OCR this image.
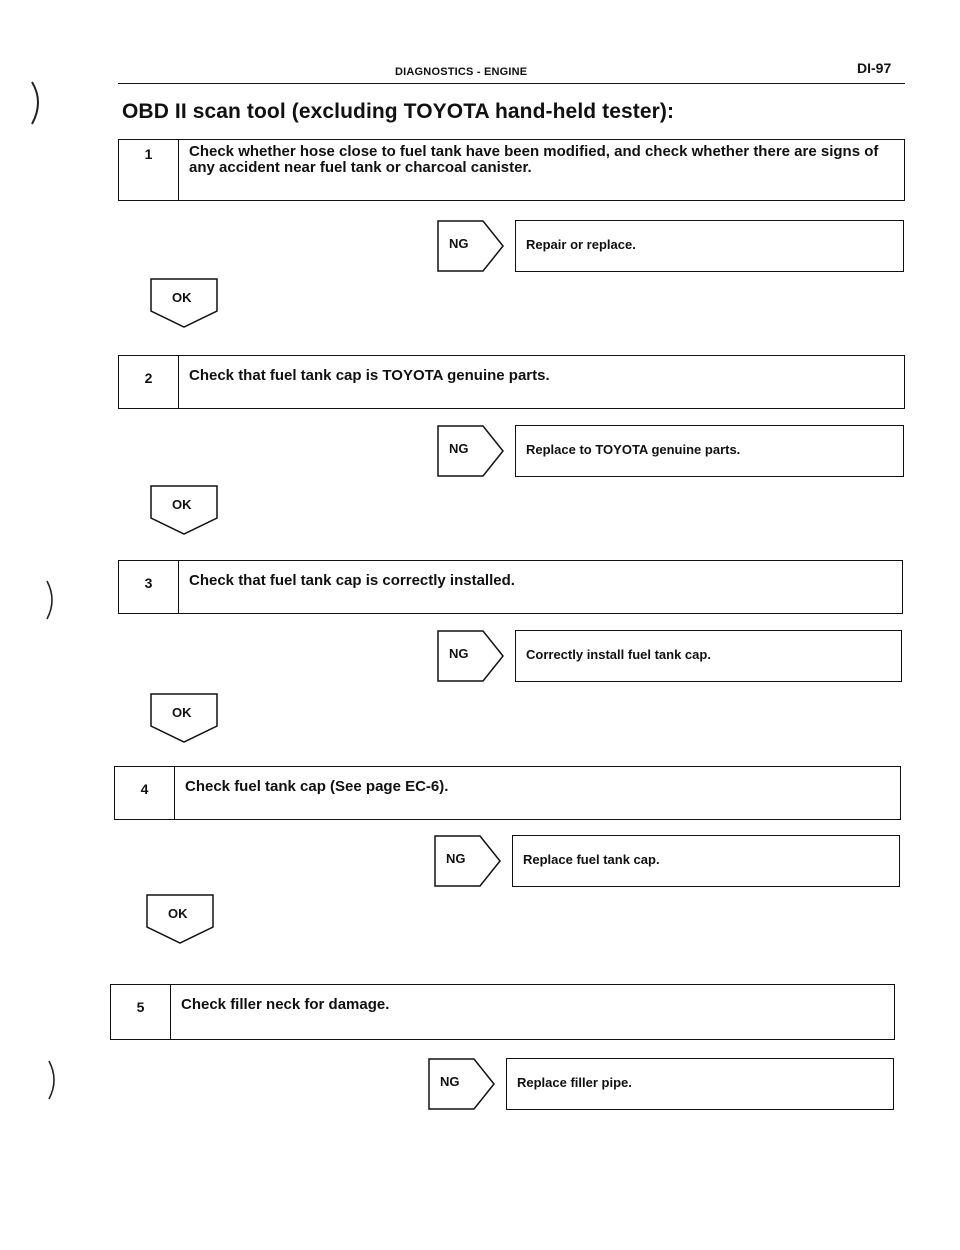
DIAGNOSTICS - ENGINE	DI-97
OBD II scan tool (excluding TOYOTA hand-held tester):
1	Check whether hose close to fuel tank have been modified, and check whether there are signs of any accident near fuel tank or charcoal canister.
NG	Repair or replace.
OK
2	Check that fuel tank cap is TOYOTA genuine parts.
NG	Replace to TOYOTA genuine parts.
OK
3	Check that fuel tank cap is correctly installed.
NG	Correctly install fuel tank cap.
OK
4	Check fuel tank cap (See page EC-6).
NG	Replace fuel tank cap.
OK
5	Check filler neck for damage.
NG	Replace filler pipe.
